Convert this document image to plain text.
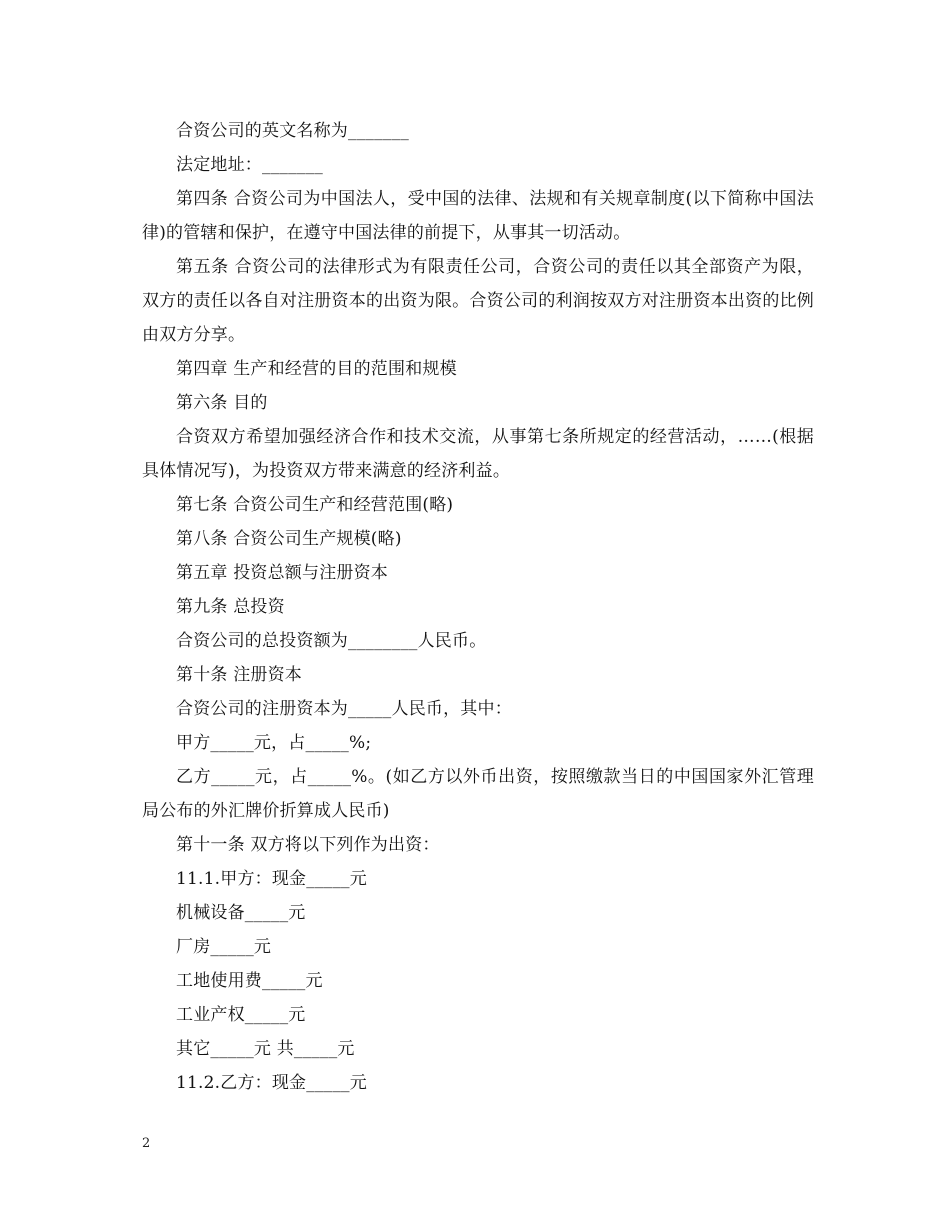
合资公司的英文名称为_______

法定地址：_______

第四条 合资公司为中国法人，受中国的法律、法规和有关规章制度(以下简称中国法律)的管辖和保护，在遵守中国法律的前提下，从事其一切活动。

第五条 合资公司的法律形式为有限责任公司，合资公司的责任以其全部资产为限，双方的责任以各自对注册资本的出资为限。合资公司的利润按双方对注册资本出资的比例由双方分享。

第四章 生产和经营的目的范围和规模

第六条 目的

合资双方希望加强经济合作和技术交流，从事第七条所规定的经营活动，……(根据具体情况写)，为投资双方带来满意的经济利益。

第七条 合资公司生产和经营范围(略)

第八条 合资公司生产规模(略)

第五章 投资总额与注册资本

第九条 总投资

合资公司的总投资额为________人民币。

第十条 注册资本

合资公司的注册资本为_____人民币，其中：

甲方_____元，占_____%;

乙方_____元，占_____%。(如乙方以外币出资，按照缴款当日的中国国家外汇管理局公布的外汇牌价折算成人民币)

第十一条 双方将以下列作为出资：

11.1.甲方：现金_____元

机械设备_____元

厂房_____元

工地使用费_____元

工业产权_____元

其它_____元 共_____元

11.2.乙方：现金_____元

2
